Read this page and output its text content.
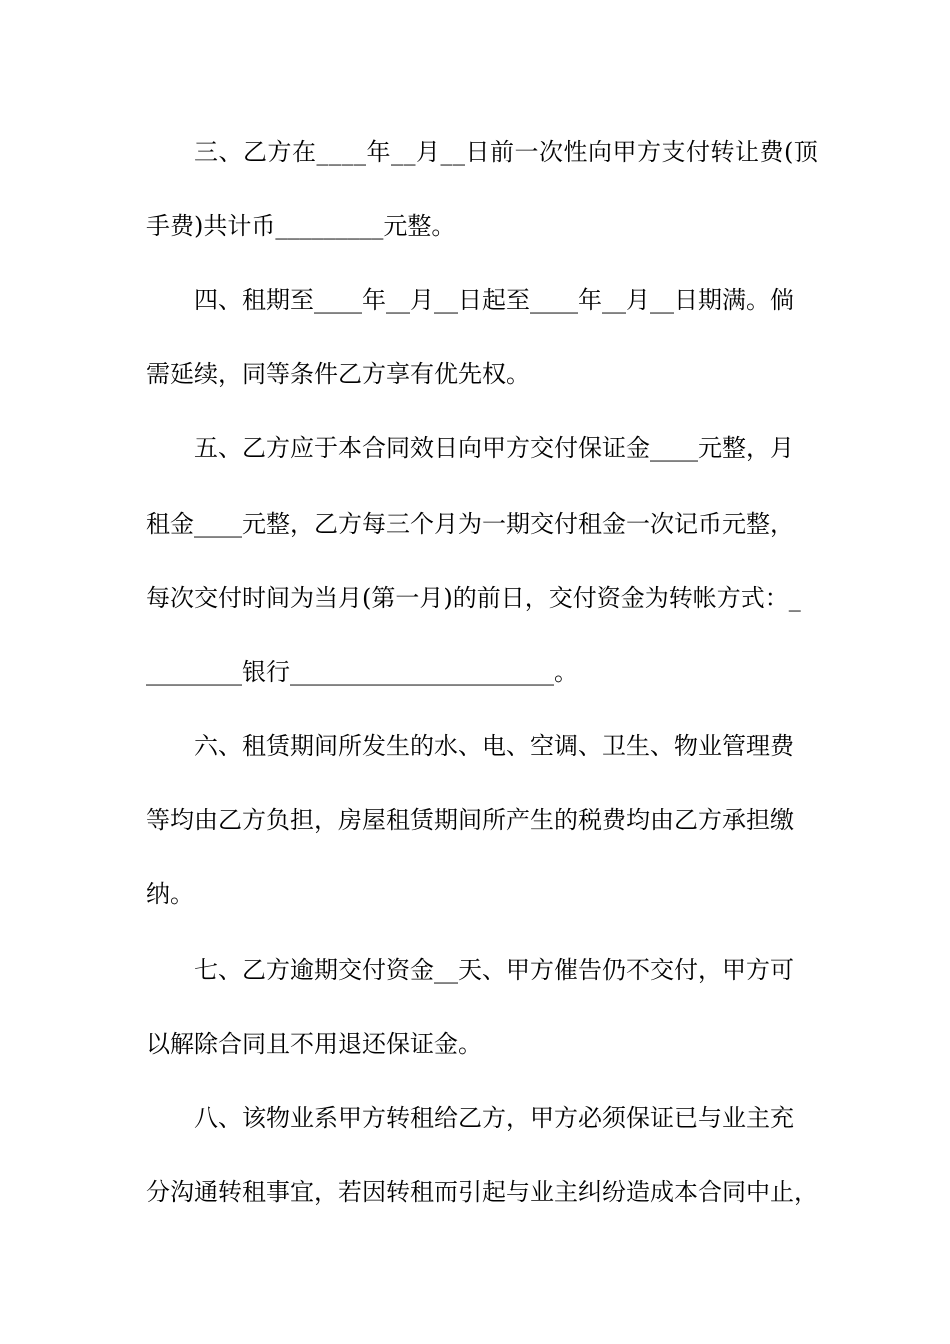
三、乙方在____年__月__日前一次性向甲方支付转让费(顶

手费)共计币_________元整。

四、租期至____年__月__日起至____年__月__日期满。倘

需延续，同等条件乙方享有优先权。

五、乙方应于本合同效日向甲方交付保证金____元整，月

租金____元整，乙方每三个月为一期交付租金一次记币元整，

每次交付时间为当月(第一月)的前日，交付资金为转帐方式：_

________银行______________________。

六、租赁期间所发生的水、电、空调、卫生、物业管理费

等均由乙方负担，房屋租赁期间所产生的税费均由乙方承担缴

纳。

七、乙方逾期交付资金__天、甲方催告仍不交付，甲方可

以解除合同且不用退还保证金。

八、该物业系甲方转租给乙方，甲方必须保证已与业主充

分沟通转租事宜，若因转租而引起与业主纠纷造成本合同中止，
